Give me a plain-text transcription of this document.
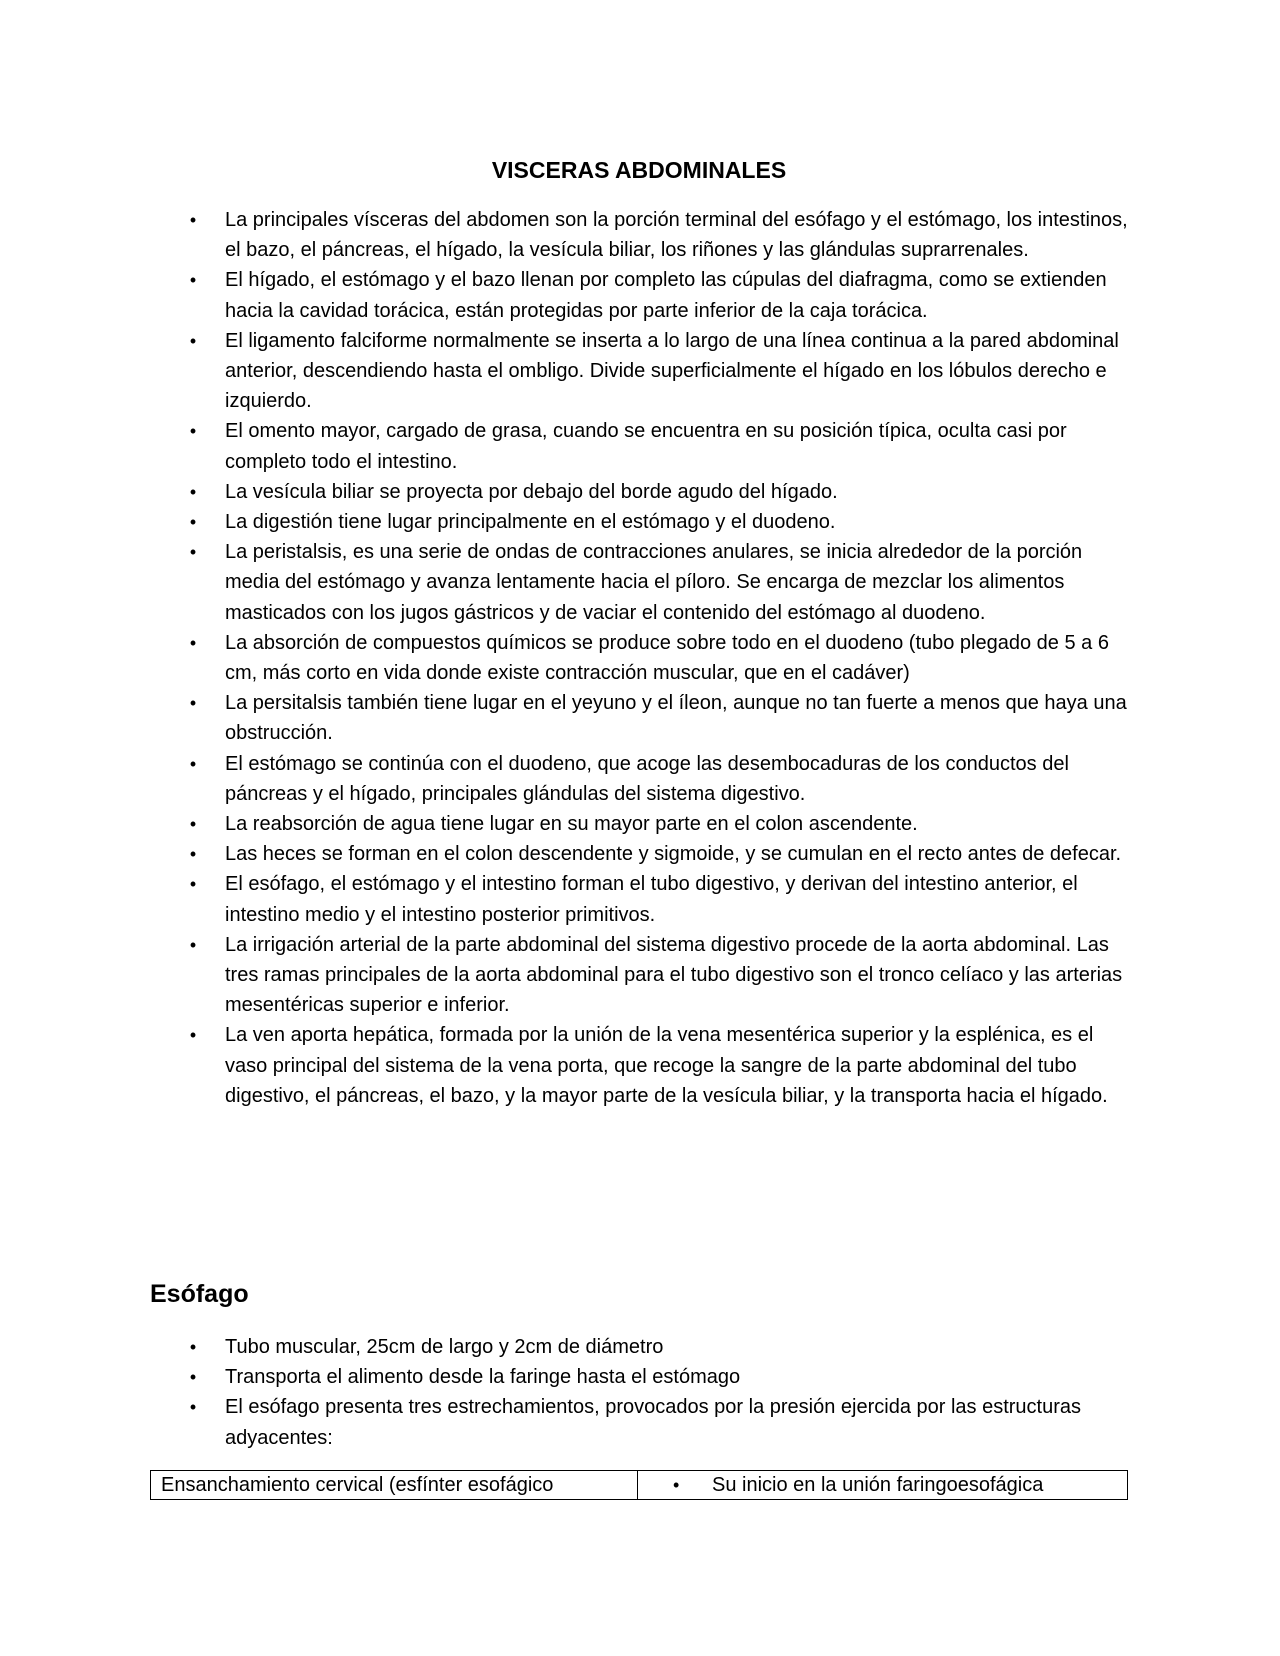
VISCERAS ABDOMINALES
• La principales vísceras del abdomen son la porción terminal del esófago y el estómago, los intestinos, el bazo, el páncreas, el hígado, la vesícula biliar, los riñones y las glándulas suprarrenales.
• El hígado, el estómago y el bazo llenan por completo las cúpulas del diafragma, como se extienden hacia la cavidad torácica, están protegidas por parte inferior de la caja torácica.
• El ligamento falciforme normalmente se inserta a lo largo de una línea continua a la pared abdominal anterior, descendiendo hasta el ombligo. Divide superficialmente el hígado en los lóbulos derecho e izquierdo.
• El omento mayor, cargado de grasa, cuando se encuentra en su posición típica, oculta casi por completo todo el intestino.
• La vesícula biliar se proyecta por debajo del borde agudo del hígado.
• La digestión tiene lugar principalmente en el estómago y el duodeno.
• La peristalsis, es una serie de ondas de contracciones anulares, se inicia alrededor de la porción media del estómago y avanza lentamente hacia el píloro. Se encarga de mezclar los alimentos masticados con los jugos gástricos y de vaciar el contenido del estómago al duodeno.
• La absorción de compuestos químicos se produce sobre todo en el duodeno (tubo plegado de 5 a 6 cm, más corto en vida donde existe contracción muscular, que en el cadáver)
• La persitalsis también tiene lugar en el yeyuno y el íleon, aunque no tan fuerte a menos que haya una obstrucción.
• El estómago se continúa con el duodeno, que acoge las desembocaduras de los conductos del páncreas y el hígado, principales glándulas del sistema digestivo.
• La reabsorción de agua tiene lugar en su mayor parte en el colon ascendente.
• Las heces se forman en el colon descendente y sigmoide, y se cumulan en el recto antes de defecar.
• El esófago, el estómago y el intestino forman el tubo digestivo, y derivan del intestino anterior, el intestino medio y el intestino posterior primitivos.
• La irrigación arterial de la parte abdominal del sistema digestivo procede de la aorta abdominal. Las tres ramas principales de la aorta abdominal para el tubo digestivo son el tronco celíaco y las arterias mesentéricas superior e inferior.
• La ven aporta hepática, formada por la unión de la vena mesentérica superior y la esplénica, es el vaso principal del sistema de la vena porta, que recoge la sangre de la parte abdominal del tubo digestivo, el páncreas, el bazo, y la mayor parte de la vesícula biliar, y la transporta hacia el hígado.
Esófago
• Tubo muscular, 25cm de largo y 2cm de diámetro
• Transporta el alimento desde la faringe hasta el estómago
• El esófago presenta tres estrechamientos, provocados por la presión ejercida por las estructuras adyacentes:
Ensanchamiento cervical (esfínter esofágico	• Su inicio en la unión faringoesofágica
